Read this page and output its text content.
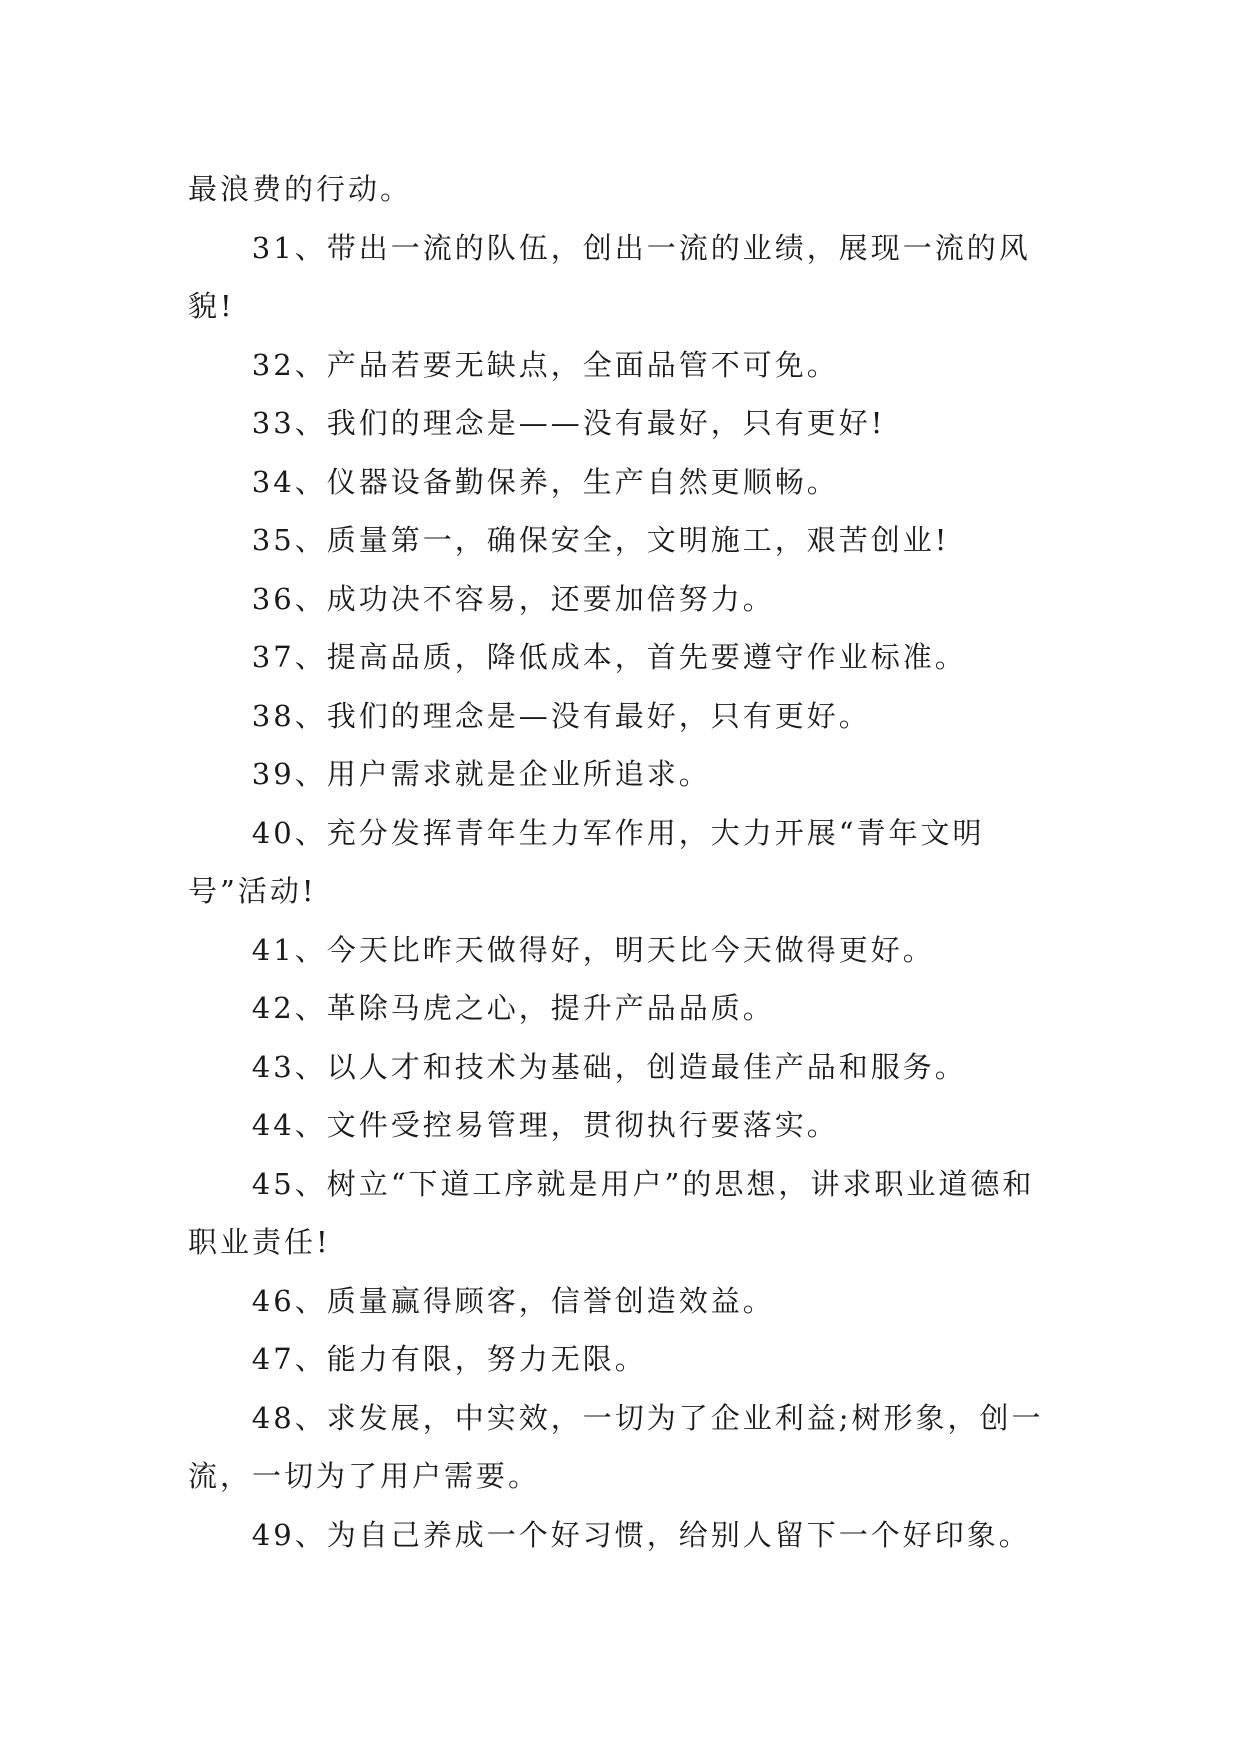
最浪费的行动。

31、带出一流的队伍，创出一流的业绩，展现一流的风貌!

32、产品若要无缺点，全面品管不可免。

33、我们的理念是——没有最好，只有更好!

34、仪器设备勤保养，生产自然更顺畅。

35、质量第一，确保安全，文明施工，艰苦创业!

36、成功决不容易，还要加倍努力。

37、提高品质，降低成本，首先要遵守作业标准。

38、我们的理念是—没有最好，只有更好。

39、用户需求就是企业所追求。

40、充分发挥青年生力军作用，大力开展“青年文明号”活动!

41、今天比昨天做得好，明天比今天做得更好。

42、革除马虎之心，提升产品品质。

43、以人才和技术为基础，创造最佳产品和服务。

44、文件受控易管理，贯彻执行要落实。

45、树立“下道工序就是用户”的思想，讲求职业道德和职业责任!

46、质量赢得顾客，信誉创造效益。

47、能力有限，努力无限。

48、求发展，中实效，一切为了企业利益;树形象，创一流，一切为了用户需要。

49、为自己养成一个好习惯，给别人留下一个好印象。
